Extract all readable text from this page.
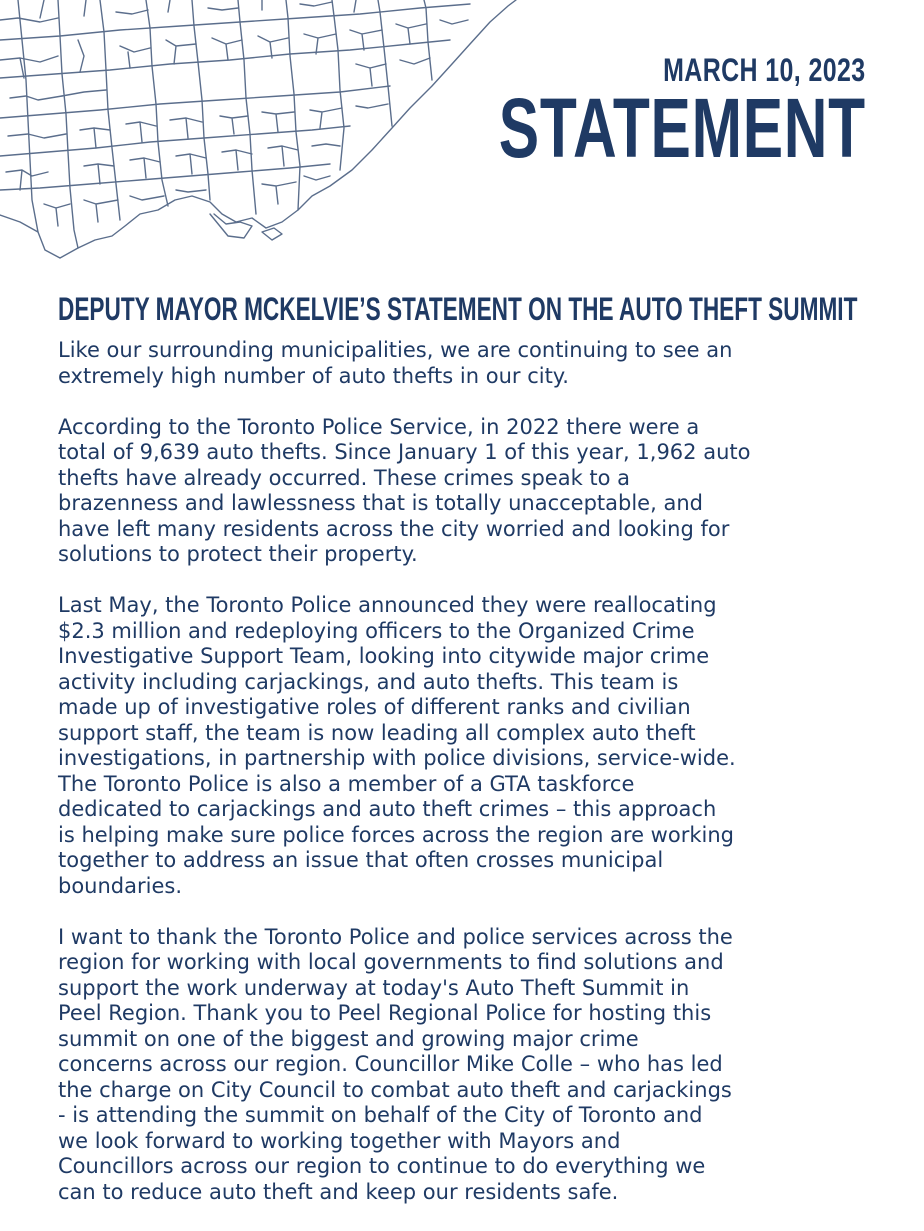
MARCH 10, 2023
STATEMENT
DEPUTY MAYOR MCKELVIE’S STATEMENT ON THE AUTO THEFT SUMMIT
Like our surrounding municipalities, we are continuing to see an
extremely high number of auto thefts in our city.
According to the Toronto Police Service, in 2022 there were a
total of 9,639 auto thefts. Since January 1 of this year, 1,962 auto
thefts have already occurred. These crimes speak to a
brazenness and lawlessness that is totally unacceptable, and
have left many residents across the city worried and looking for
solutions to protect their property.
Last May, the Toronto Police announced they were reallocating
$2.3 million and redeploying officers to the Organized Crime
Investigative Support Team, looking into citywide major crime
activity including carjackings, and auto thefts. This team is
made up of investigative roles of different ranks and civilian
support staff, the team is now leading all complex auto theft
investigations, in partnership with police divisions, service-wide.
The Toronto Police is also a member of a GTA taskforce
dedicated to carjackings and auto theft crimes – this approach
is helping make sure police forces across the region are working
together to address an issue that often crosses municipal
boundaries.
I want to thank the Toronto Police and police services across the
region for working with local governments to find solutions and
support the work underway at today's Auto Theft Summit in
Peel Region. Thank you to Peel Regional Police for hosting this
summit on one of the biggest and growing major crime
concerns across our region. Councillor Mike Colle – who has led
the charge on City Council to combat auto theft and carjackings
- is attending the summit on behalf of the City of Toronto and
we look forward to working together with Mayors and
Councillors across our region to continue to do everything we
can to reduce auto theft and keep our residents safe.
